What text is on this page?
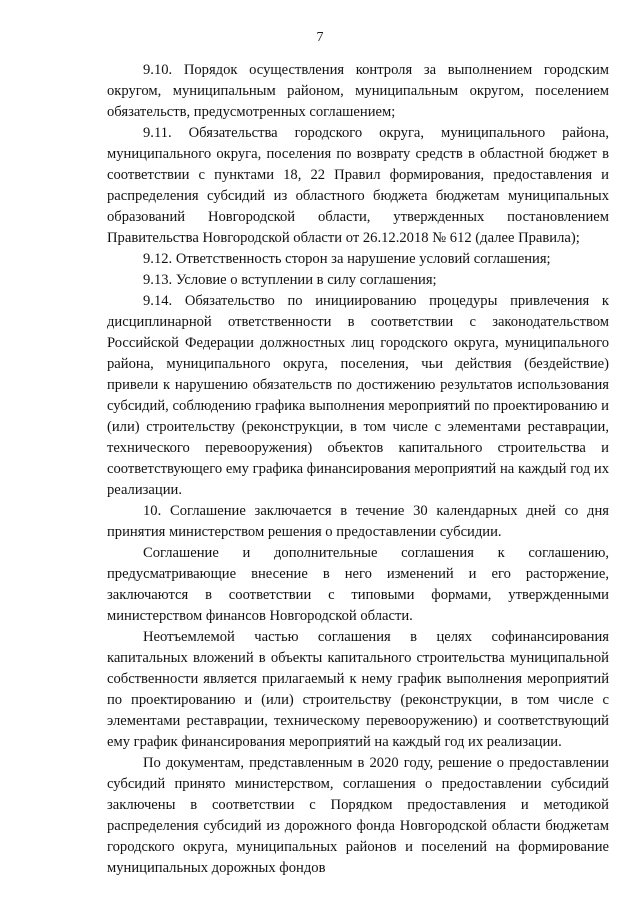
7

9.10. Порядок осуществления контроля за выполнением городским округом, муниципальным районом, муниципальным округом, поселением обязательств, предусмотренных соглашением;

9.11. Обязательства городского округа, муниципального района, муниципального округа, поселения по возврату средств в областной бюджет в соответствии с пунктами 18, 22 Правил формирования, предоставления и распределения субсидий из областного бюджета бюджетам муниципальных образований Новгородской области, утвержденных постановлением Правительства Новгородской области от 26.12.2018 № 612 (далее Правила);

9.12. Ответственность сторон за нарушение условий соглашения;

9.13. Условие о вступлении в силу соглашения;

9.14. Обязательство по инициированию процедуры привлечения к дисциплинарной ответственности в соответствии с законодательством Российской Федерации должностных лиц городского округа, муниципального района, муниципального округа, поселения, чьи действия (бездействие) привели к нарушению обязательств по достижению результатов использования субсидий, соблюдению графика выполнения мероприятий по проектированию и (или) строительству (реконструкции, в том числе с элементами реставрации, технического перевооружения) объектов капитального строительства и соответствующего ему графика финансирования мероприятий на каждый год их реализации.

10. Соглашение заключается в течение 30 календарных дней со дня принятия министерством решения о предоставлении субсидии.

Соглашение и дополнительные соглашения к соглашению, предусматривающие внесение в него изменений и его расторжение, заключаются в соответствии с типовыми формами, утвержденными министерством финансов Новгородской области.

Неотъемлемой частью соглашения в целях софинансирования капитальных вложений в объекты капитального строительства муниципальной собственности является прилагаемый к нему график выполнения мероприятий по проектированию и (или) строительству (реконструкции, в том числе с элементами реставрации, техническому перевооружению) и соответствующий ему график финансирования мероприятий на каждый год их реализации.

По документам, представленным в 2020 году, решение о предоставлении субсидий принято министерством, соглашения о предоставлении субсидий заключены в соответствии с Порядком предоставления и методикой распределения субсидий из дорожного фонда Новгородской области бюджетам городского округа, муниципальных районов и поселений на формирование муниципальных дорожных фондов
